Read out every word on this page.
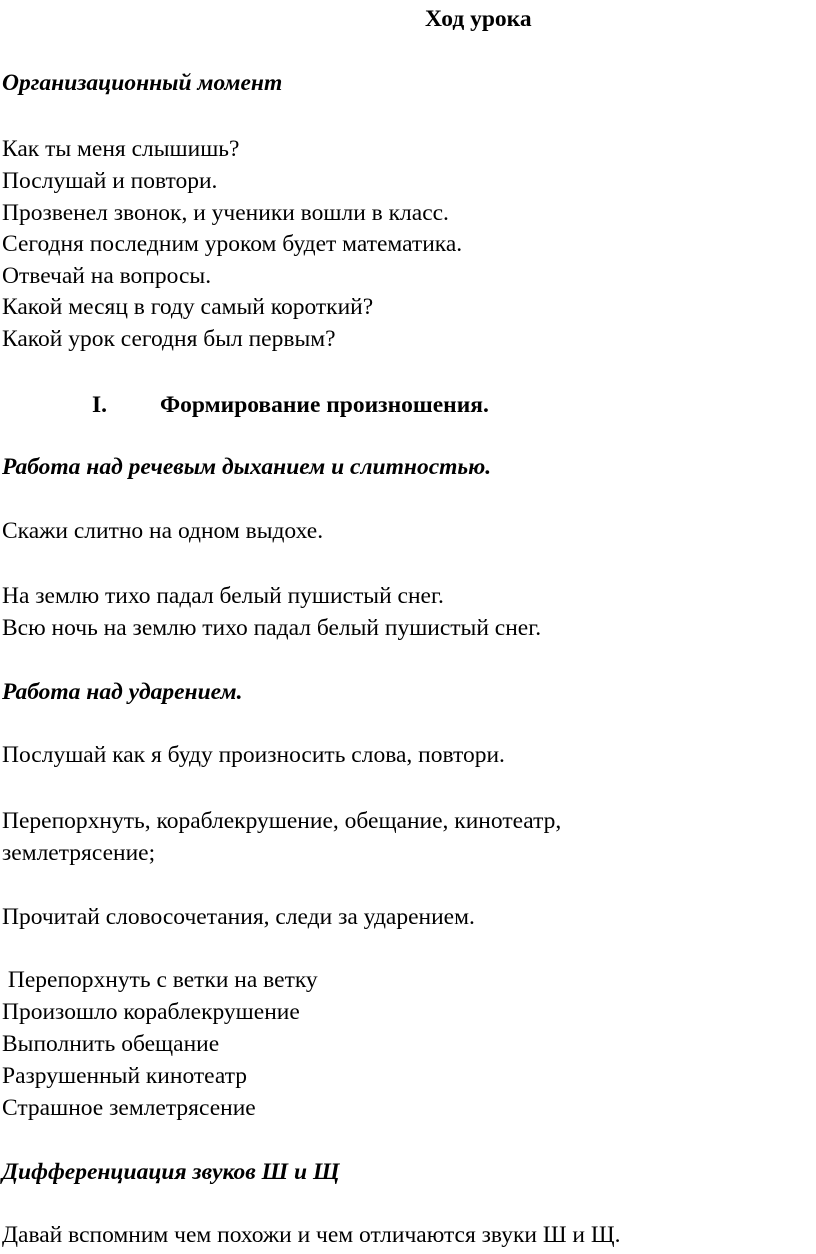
Ход урока
Организационный момент
Как ты меня слышишь?
Послушай и повтори.
Прозвенел звонок, и ученики вошли в класс.
Сегодня последним уроком будет математика.
Отвечай на вопросы.
Какой месяц в году самый короткий?
Какой урок сегодня был первым?
I. Формирование произношения.
Работа над речевым дыханием и слитностью.
Скажи слитно на одном выдохе.
На землю тихо падал белый пушистый снег.
Всю ночь на землю тихо падал белый пушистый снег.
Работа над ударением.
Послушай как я буду произносить слова, повтори.
Перепорхнуть, кораблекрушение, обещание, кинотеатр,
землетрясение;
Прочитай словосочетания, следи за ударением.
Перепорхнуть с ветки на ветку
Произошло кораблекрушение
Выполнить обещание
Разрушенный кинотеатр
Страшное землетрясение
Дифференциация звуков Ш и Щ
Давай вспомним чем похожи и чем отличаются звуки Ш и Щ.
